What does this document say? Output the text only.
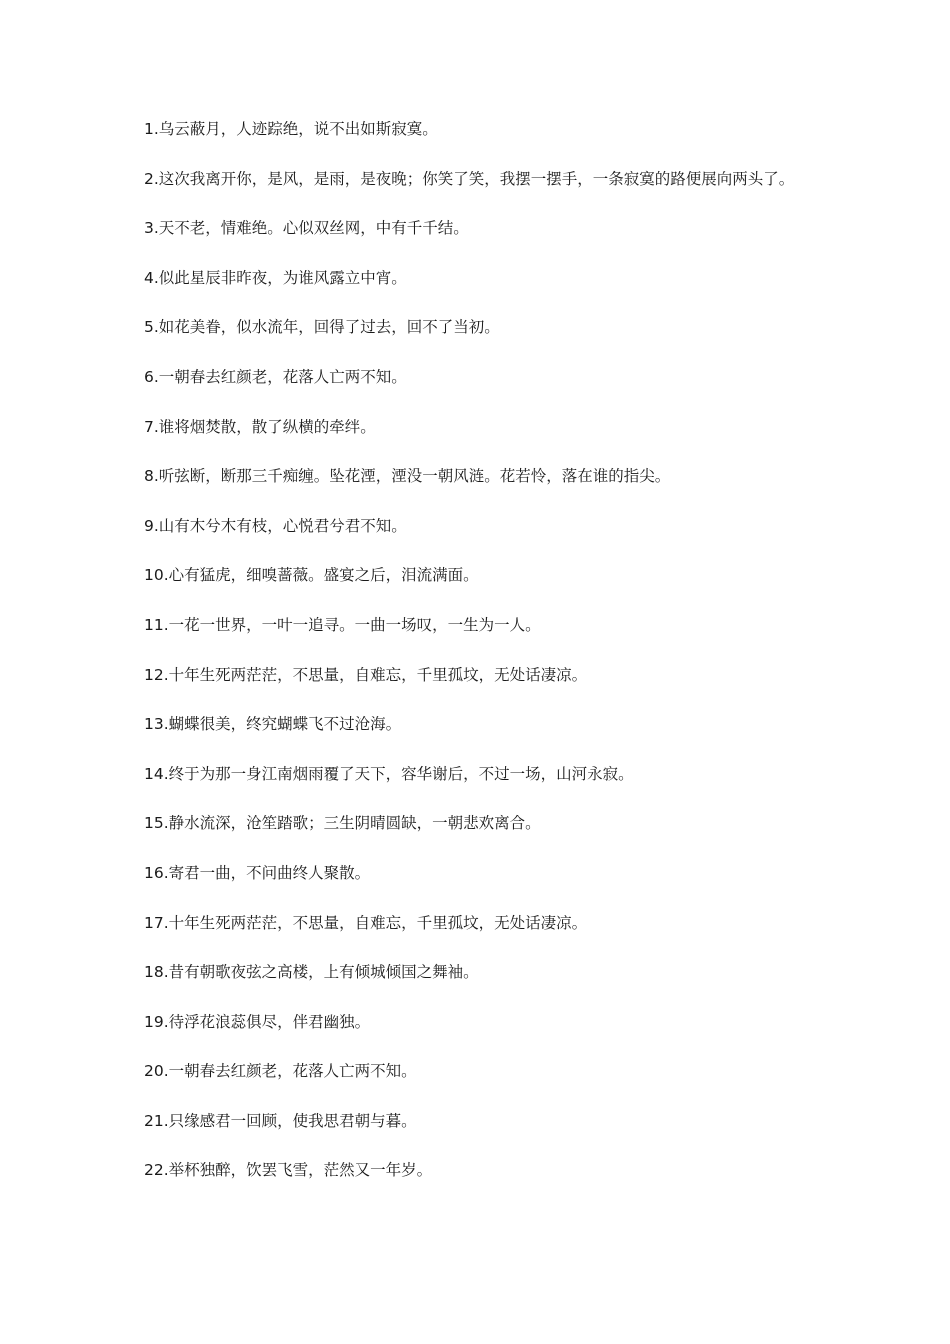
1.乌云蔽月，人迹踪绝，说不出如斯寂寞。

2.这次我离开你，是风，是雨，是夜晚；你笑了笑，我摆一摆手，一条寂寞的路便展向两头了。

3.天不老，情难绝。心似双丝网，中有千千结。

4.似此星辰非昨夜，为谁风露立中宵。

5.如花美眷，似水流年，回得了过去，回不了当初。

6.一朝春去红颜老，花落人亡两不知。

7.谁将烟焚散，散了纵横的牵绊。

8.听弦断，断那三千痴缠。坠花湮，湮没一朝风涟。花若怜，落在谁的指尖。

9.山有木兮木有枝，心悦君兮君不知。

10.心有猛虎，细嗅蔷薇。盛宴之后，泪流满面。

11.一花一世界，一叶一追寻。一曲一场叹，一生为一人。

12.十年生死两茫茫，不思量，自难忘，千里孤坟，无处话凄凉。

13.蝴蝶很美，终究蝴蝶飞不过沧海。

14.终于为那一身江南烟雨覆了天下，容华谢后，不过一场，山河永寂。

15.静水流深，沧笙踏歌；三生阴晴圆缺，一朝悲欢离合。

16.寄君一曲，不问曲终人聚散。

17.十年生死两茫茫，不思量，自难忘，千里孤坟，无处话凄凉。

18.昔有朝歌夜弦之高楼，上有倾城倾国之舞袖。

19.待浮花浪蕊俱尽，伴君幽独。

20.一朝春去红颜老，花落人亡两不知。

21.只缘感君一回顾，使我思君朝与暮。

22.举杯独醉，饮罢飞雪，茫然又一年岁。
